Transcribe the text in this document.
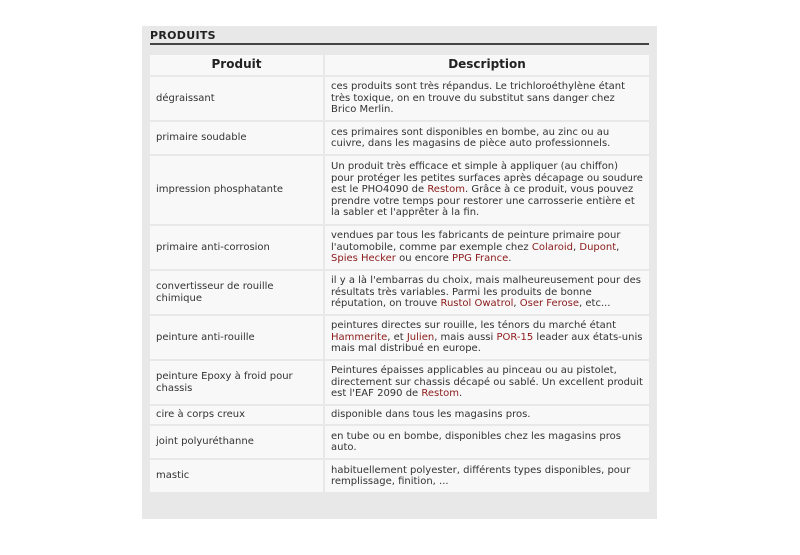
PRODUITS
Produit	Description
dégraissant	ces produits sont très répandus. Le trichloroéthylène étant très toxique, on en trouve du substitut sans danger chez Brico Merlin.
primaire soudable	ces primaires sont disponibles en bombe, au zinc ou au cuivre, dans les magasins de pièce auto professionnels.
impression phosphatante	Un produit très efficace et simple à appliquer (au chiffon) pour protéger les petites surfaces après décapage ou soudure est le PHO4090 de Restom. Grâce à ce produit, vous pouvez prendre votre temps pour restorer une carrosserie entière et la sabler et l'apprêter à la fin.
primaire anti-corrosion	vendues par tous les fabricants de peinture primaire pour l'automobile, comme par exemple chez Colaroid, Dupont, Spies Hecker ou encore PPG France.
convertisseur de rouille chimique	il y a là l'embarras du choix, mais malheureusement pour des résultats très variables. Parmi les produits de bonne réputation, on trouve Rustol Owatrol, Oser Ferose, etc...
peinture anti-rouille	peintures directes sur rouille, les ténors du marché étant Hammerite, et Julien, mais aussi POR-15 leader aux états-unis mais mal distribué en europe.
peinture Epoxy à froid pour chassis	Peintures épaisses applicables au pinceau ou au pistolet, directement sur chassis décapé ou sablé. Un excellent produit est l'EAF 2090 de Restom.
cire à corps creux	disponible dans tous les magasins pros.
joint polyuréthanne	en tube ou en bombe, disponibles chez les magasins pros auto.
mastic	habituellement polyester, différents types disponibles, pour remplissage, finition, ...
